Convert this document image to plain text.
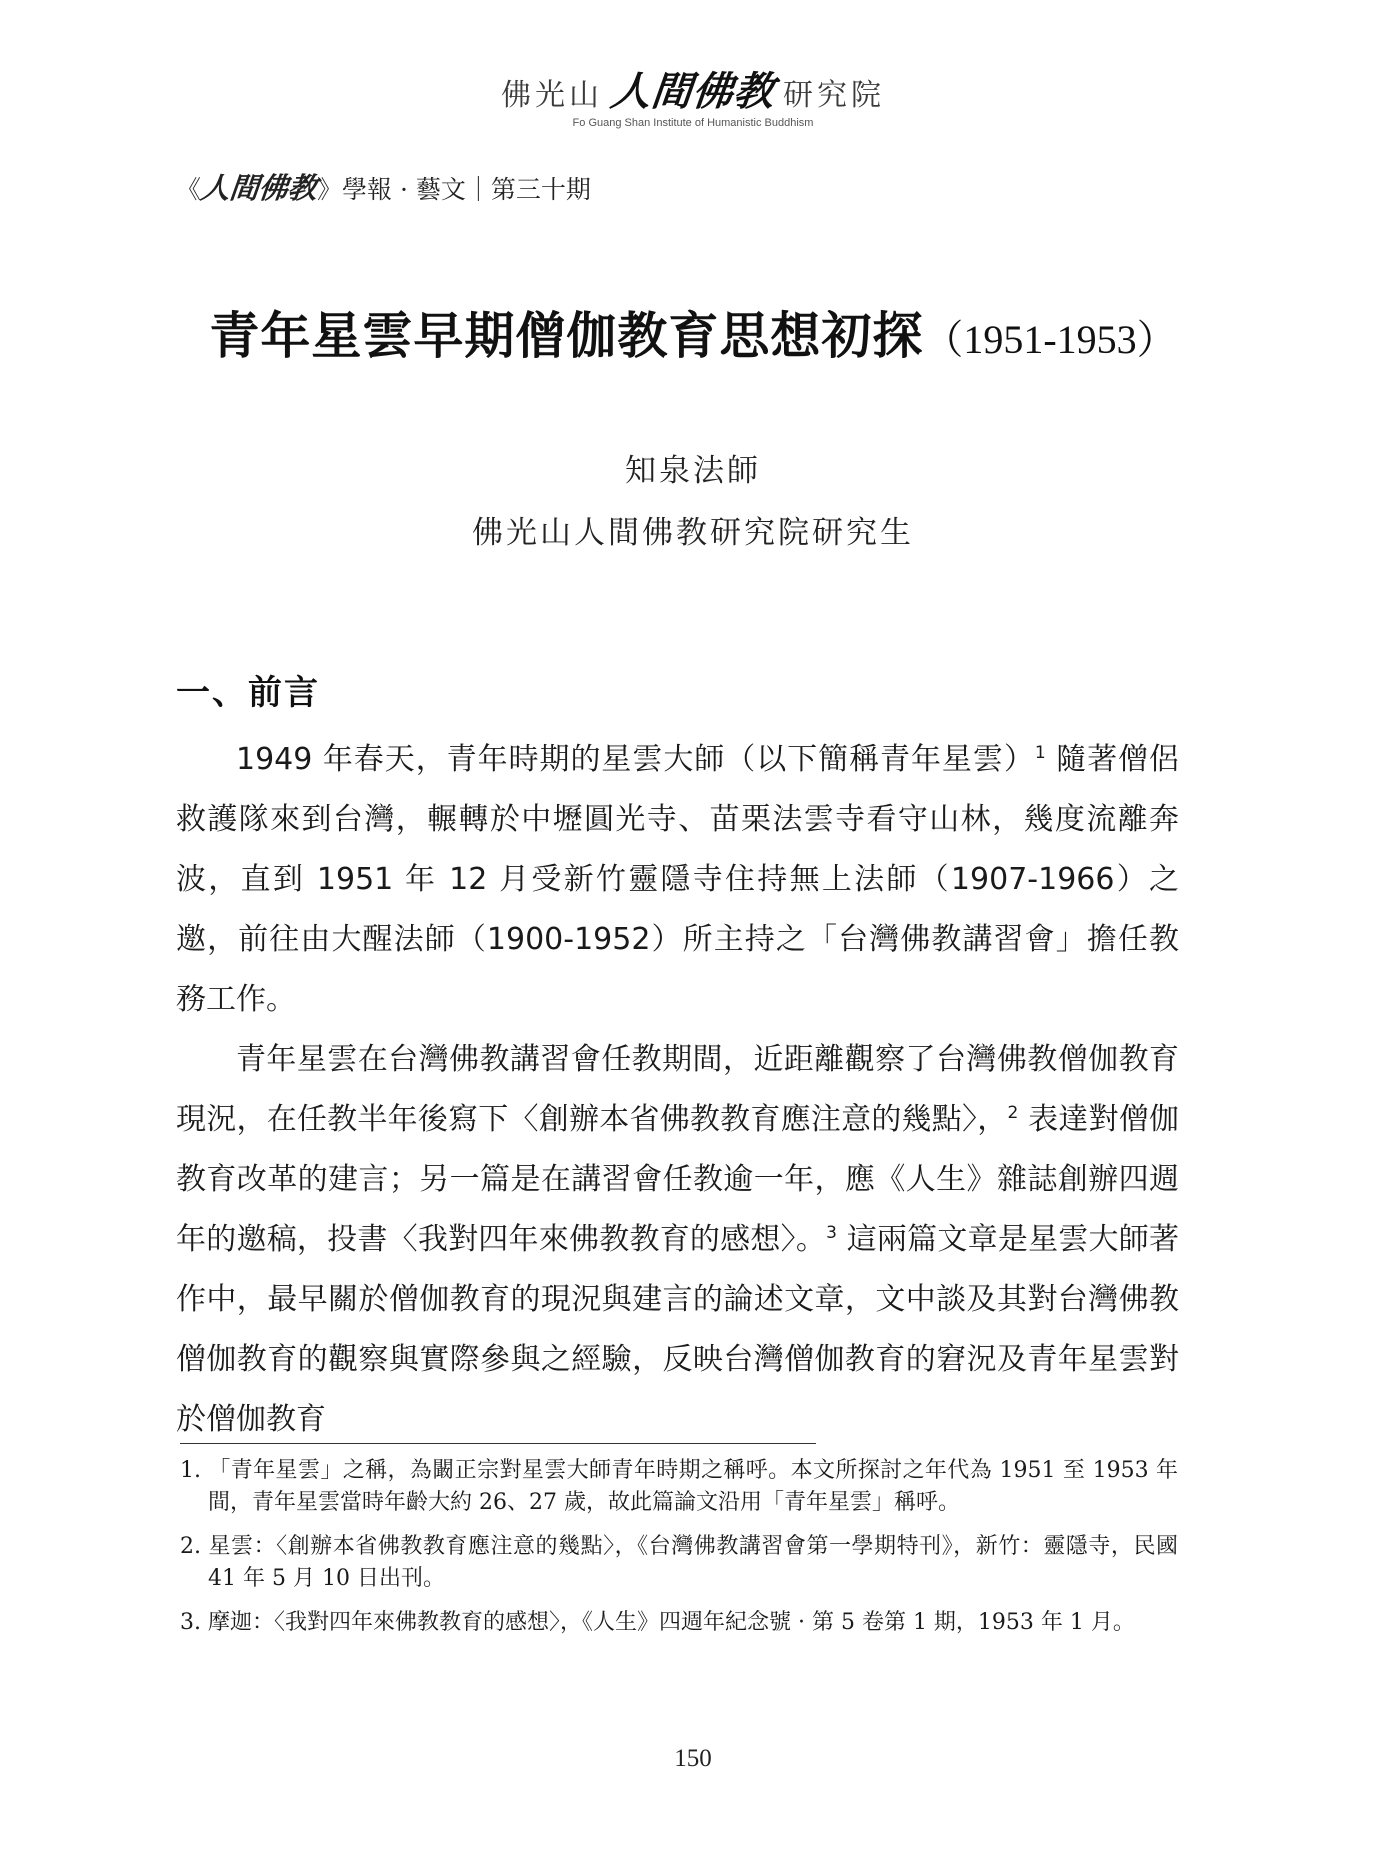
佛光山 人間佛教 研究院
Fo Guang Shan Institute of Humanistic Buddhism
《人間佛教》學報 · 藝文｜第三十期
青年星雲早期僧伽教育思想初探（1951-1953）
知泉法師
佛光山人間佛教研究院研究生
一、前言

1949 年春天，青年時期的星雲大師（以下簡稱青年星雲）$^1$ 隨著僧侶救護隊來到台灣，輾轉於中壢圓光寺、苗栗法雲寺看守山林，幾度流離奔波，直到 1951 年 12 月受新竹靈隱寺住持無上法師（1907-1966）之邀，前往由大醒法師（1900-1952）所主持之「台灣佛教講習會」擔任教務工作。

青年星雲在台灣佛教講習會任教期間，近距離觀察了台灣佛教僧伽教育現況，在任教半年後寫下〈創辦本省佛教教育應注意的幾點〉，$^2$ 表達對僧伽教育改革的建言；另一篇是在講習會任教逾一年，應《人生》雜誌創辦四週年的邀稿，投書〈我對四年來佛教教育的感想〉。$^3$ 這兩篇文章是星雲大師著作中，最早關於僧伽教育的現況與建言的論述文章，文中談及其對台灣佛教僧伽教育的觀察與實際參與之經驗，反映台灣僧伽教育的窘況及青年星雲對於僧伽教育

1. 「青年星雲」之稱，為闞正宗對星雲大師青年時期之稱呼。本文所探討之年代為 1951 至 1953 年間，青年星雲當時年齡大約 26、27 歲，故此篇論文沿用「青年星雲」稱呼。

2. 星雲：〈創辦本省佛教教育應注意的幾點〉，《台灣佛教講習會第一學期特刊》，新竹：靈隱寺，民國 41 年 5 月 10 日出刊。

3. 摩迦：〈我對四年來佛教教育的感想〉，《人生》四週年紀念號 · 第 5 卷第 1 期，1953 年 1 月。

150
